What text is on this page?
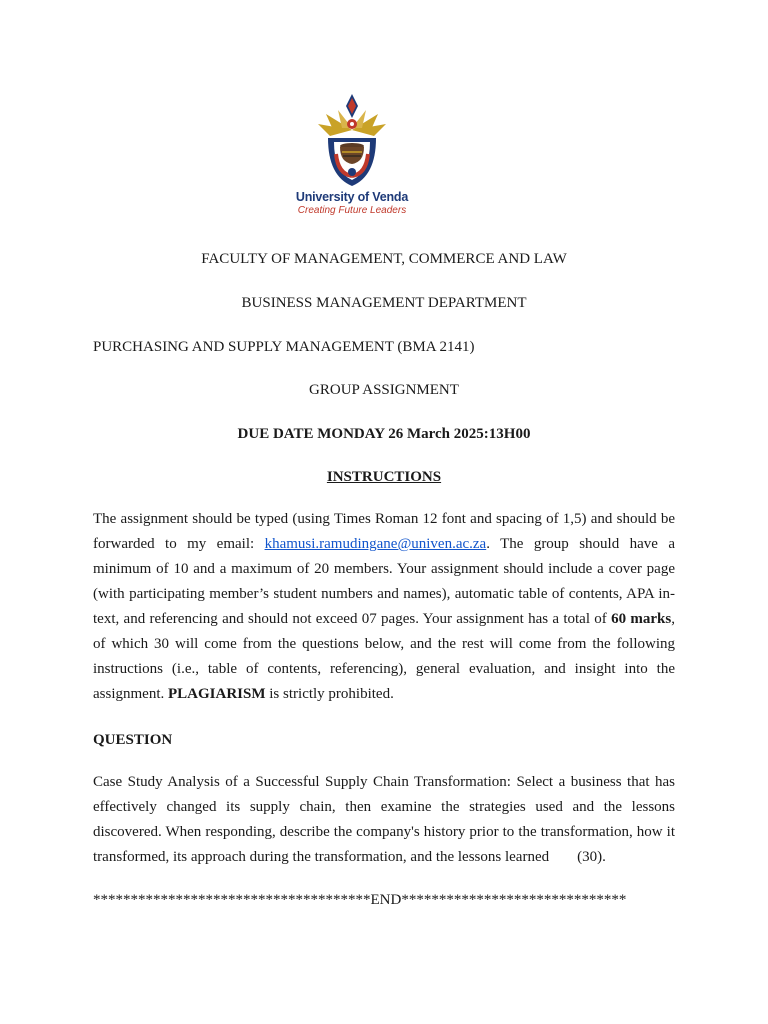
University of Venda
Creating Future Leaders
FACULTY OF MANAGEMENT, COMMERCE AND LAW
BUSINESS MANAGEMENT DEPARTMENT
PURCHASING AND SUPPLY MANAGEMENT (BMA 2141)
GROUP ASSIGNMENT
DUE DATE MONDAY 26 March 2025:13H00
INSTRUCTIONS
The assignment should be typed (using Times Roman 12 font and spacing of 1,5) and should be forwarded to my email: khamusi.ramudingane@univen.ac.za. The group should have a minimum of 10 and a maximum of 20 members. Your assignment should include a cover page (with participating member’s student numbers and names), automatic table of contents, APA in-text, and referencing and should not exceed 07 pages. Your assignment has a total of 60 marks, of which 30 will come from the questions below, and the rest will come from the following instructions (i.e., table of contents, referencing), general evaluation, and insight into the assignment. PLAGIARISM is strictly prohibited.
QUESTION
Case Study Analysis of a Successful Supply Chain Transformation: Select a business that has effectively changed its supply chain, then examine the strategies used and the lessons discovered. When responding, describe the company's history prior to the transformation, how it transformed, its approach during the transformation, and the lessons learned (30).
*************************************END******************************
